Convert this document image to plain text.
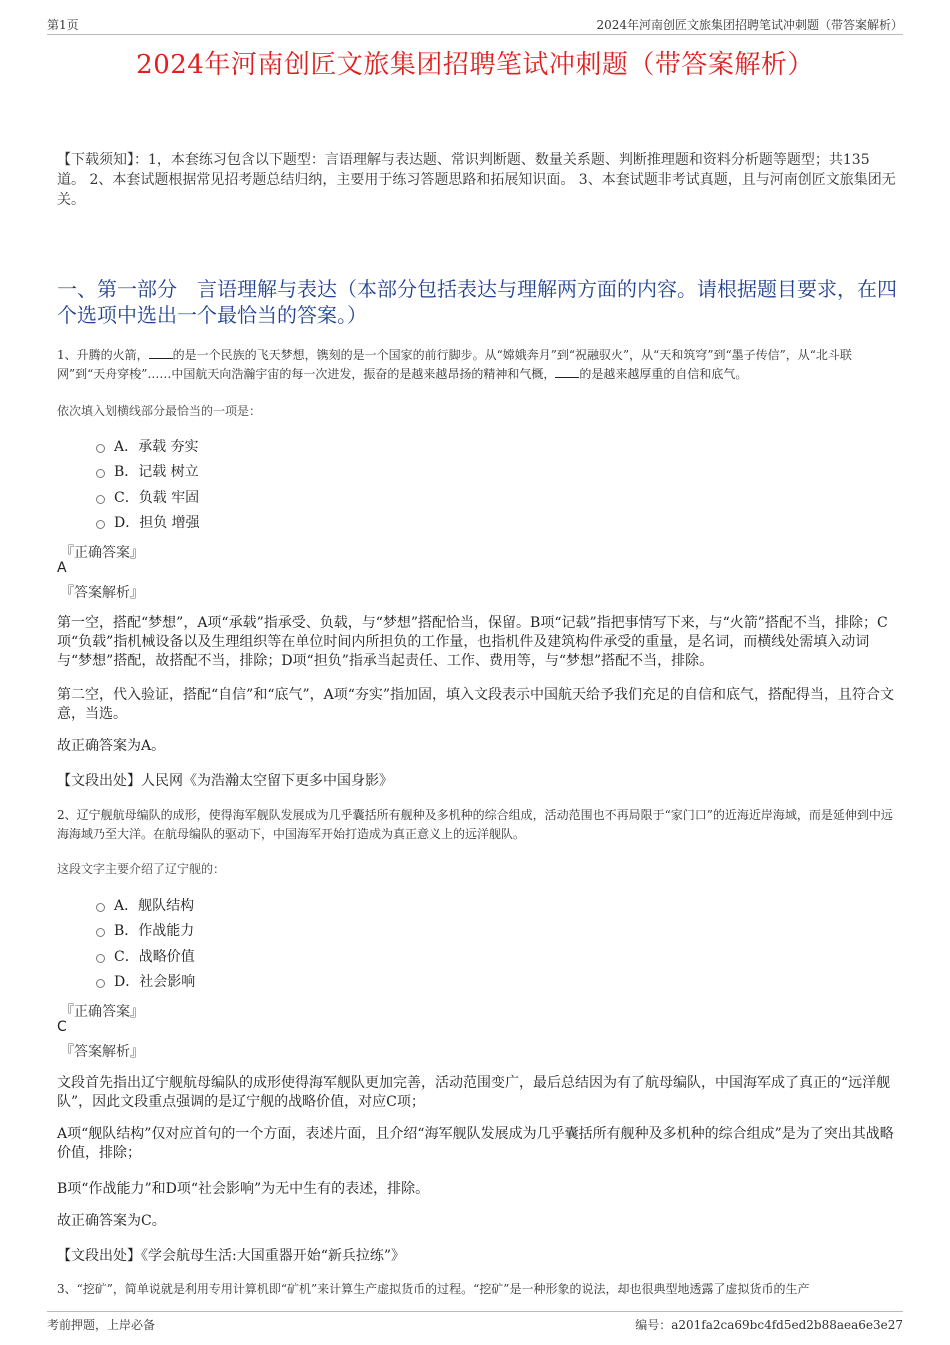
第1页	2024年河南创匠文旅集团招聘笔试冲刺题（带答案解析）
2024年河南创匠文旅集团招聘笔试冲刺题（带答案解析）
【下载须知】：1，本套练习包含以下题型：言语理解与表达题、常识判断题、数量关系题、判断推理题和资料分析题等题型；共135道。 2、本套试题根据常见招考题总结归纳，主要用于练习答题思路和拓展知识面。 3、本套试题非考试真题，且与河南创匠文旅集团无关。
一、第一部分　言语理解与表达（本部分包括表达与理解两方面的内容。请根据题目要求，在四个选项中选出一个最恰当的答案。）
1、升腾的火箭， 的是一个民族的飞天梦想，镌刻的是一个国家的前行脚步。从“嫦娥奔月”到“祝融驭火”，从“天和筑穹”到“墨子传信”，从“北斗联网”到“天舟穿梭”……中国航天向浩瀚宇宙的每一次进发，振奋的是越来越昂扬的精神和气概， 的是越来越厚重的自信和底气。
依次填入划横线部分最恰当的一项是：
A．承载 夯实
B．记载 树立
C．负载 牢固
D．担负 增强
『正确答案』
A
『答案解析』
第一空，搭配“梦想”，A项“承载”指承受、负载，与“梦想”搭配恰当，保留。B项“记载”指把事情写下来，与“火箭”搭配不当，排除；C项“负载”指机械设备以及生理组织等在单位时间内所担负的工作量，也指机件及建筑构件承受的重量，是名词，而横线处需填入动词与“梦想”搭配，故搭配不当，排除；D项“担负”指承当起责任、工作、费用等，与“梦想”搭配不当，排除。
第二空，代入验证，搭配“自信”和“底气”，A项“夯实”指加固，填入文段表示中国航天给予我们充足的自信和底气，搭配得当，且符合文意，当选。
故正确答案为A。
【文段出处】人民网《为浩瀚太空留下更多中国身影》
2、辽宁舰航母编队的成形，使得海军舰队发展成为几乎囊括所有舰种及多机种的综合组成，活动范围也不再局限于“家门口”的近海近岸海域，而是延伸到中远海海域乃至大洋。在航母编队的驱动下，中国海军开始打造成为真正意义上的远洋舰队。
这段文字主要介绍了辽宁舰的：
A．舰队结构
B．作战能力
C．战略价值
D．社会影响
『正确答案』
C
『答案解析』
文段首先指出辽宁舰航母编队的成形使得海军舰队更加完善，活动范围变广，最后总结因为有了航母编队，中国海军成了真正的“远洋舰队”，因此文段重点强调的是辽宁舰的战略价值，对应C项；
A项“舰队结构”仅对应首句的一个方面，表述片面，且介绍“海军舰队发展成为几乎囊括所有舰种及多机种的综合组成”是为了突出其战略价值，排除；
B项“作战能力”和D项“社会影响”为无中生有的表述，排除。
故正确答案为C。
【文段出处】《学会航母生活:大国重器开始“新兵拉练”》
3、“挖矿”，简单说就是利用专用计算机即“矿机”来计算生产虚拟货币的过程。“挖矿”是一种形象的说法，却也很典型地透露了虚拟货币的生产
考前押题，上岸必备	编号：a201fa2ca69bc4fd5ed2b88aea6e3e27
